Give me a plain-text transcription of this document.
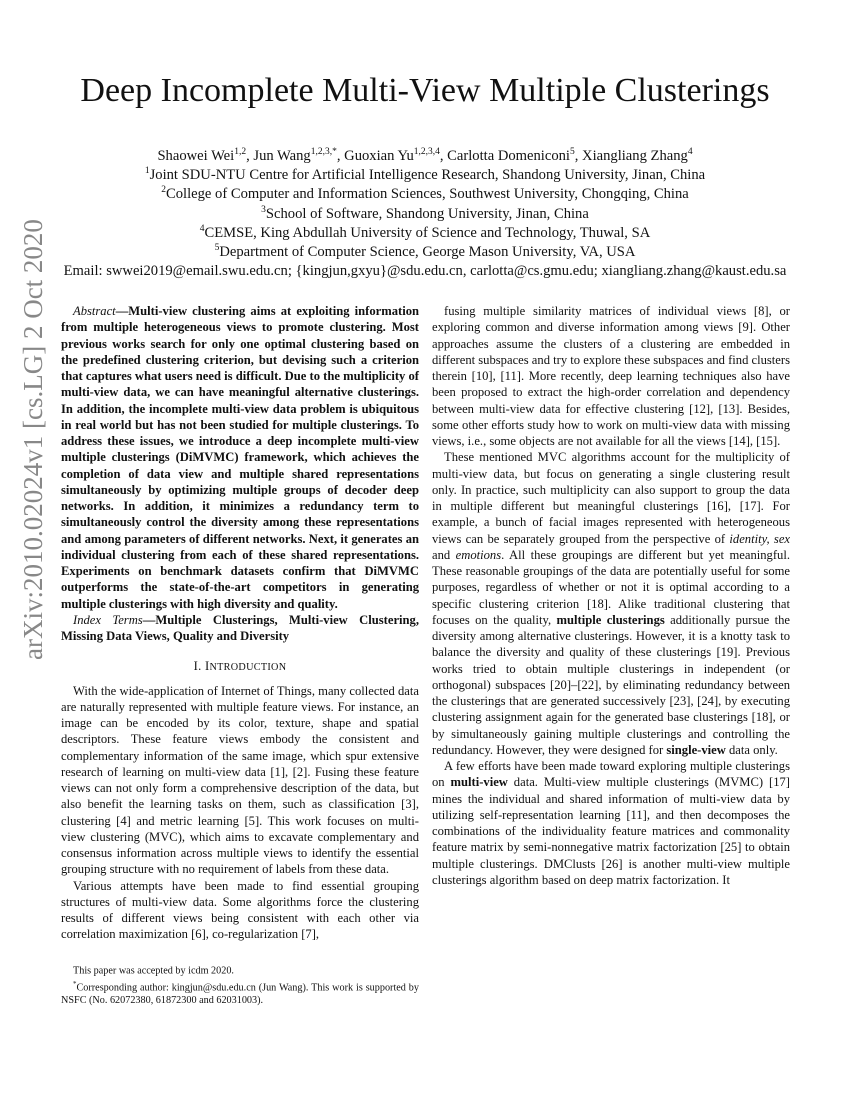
Deep Incomplete Multi-View Multiple Clusterings
Shaowei Wei$^{1,2}$, Jun Wang$^{1,2,3,*}$, Guoxian Yu$^{1,2,3,4}$, Carlotta Domeniconi$^5$, Xiangliang Zhang$^4$
$^1$Joint SDU-NTU Centre for Artificial Intelligence Research, Shandong University, Jinan, China
$^2$College of Computer and Information Sciences, Southwest University, Chongqing, China
$^3$School of Software, Shandong University, Jinan, China
$^4$CEMSE, King Abdullah University of Science and Technology, Thuwal, SA
$^5$Department of Computer Science, George Mason University, VA, USA
Email: swwei2019@email.swu.edu.cn; {kingjun,gxyu}@sdu.edu.cn, carlotta@cs.gmu.edu; xiangliang.zhang@kaust.edu.sa
arXiv:2010.02024v1 [cs.LG] 2 Oct 2020	Abstract—Multi-view clustering aims at exploiting information from multiple heterogeneous views to promote clustering. Most previous works search for only one optimal clustering based on the predefined clustering criterion, but devising such a criterion that captures what users need is difficult. Due to the multiplicity of multi-view data, we can have meaningful alternative clusterings. In addition, the incomplete multi-view data problem is ubiquitous in real world but has not been studied for multiple clusterings. To address these issues, we introduce a deep incomplete multi-view multiple clusterings (DiMVMC) framework, which achieves the completion of data view and multiple shared representations simultaneously by optimizing multiple groups of decoder deep networks. In addition, it minimizes a redundancy term to simultaneously control the diversity among these representations and among parameters of different networks. Next, it generates an individual clustering from each of these shared representations. Experiments on benchmark datasets confirm that DiMVMC outperforms the state-of-the-art competitors in generating multiple clusterings with high diversity and quality.

Index Terms—Multiple Clusterings, Multi-view Clustering, Missing Data Views, Quality and Diversity

I. INTRODUCTION

With the wide-application of Internet of Things, many collected data are naturally represented with multiple feature views. For instance, an image can be encoded by its color, texture, shape and spatial descriptors. These feature views embody the consistent and complementary information of the same image, which spur extensive research of learning on multi-view data [1], [2]. Fusing these feature views can not only form a comprehensive description of the data, but also benefit the learning tasks on them, such as classification [3], clustering [4] and metric learning [5]. This work focuses on multi-view clustering (MVC), which aims to excavate complementary and consensus information across multiple views to identify the essential grouping structure with no requirement of labels from these data.

Various attempts have been made to find essential grouping structures of multi-view data. Some algorithms force the clustering results of different views being consistent with each other via correlation maximization [6], co-regularization [7],

This paper was accepted by icdm 2020.

*Corresponding author: kingjun@sdu.edu.cn (Jun Wang). This work is supported by NSFC (No. 62072380, 61872300 and 62031003).

fusing multiple similarity matrices of individual views [8], or exploring common and diverse information among views [9]. Other approaches assume the clusters of a clustering are embedded in different subspaces and try to explore these subspaces and find clusters therein [10], [11]. More recently, deep learning techniques also have been proposed to extract the high-order correlation and dependency between multi-view data for effective clustering [12], [13]. Besides, some other efforts study how to work on multi-view data with missing views, i.e., some objects are not available for all the views [14], [15].

These mentioned MVC algorithms account for the multiplicity of multi-view data, but focus on generating a single clustering result only. In practice, such multiplicity can also support to group the data in multiple different but meaningful clusterings [16], [17]. For example, a bunch of facial images represented with heterogeneous views can be separately grouped from the perspective of identity, sex and emotions. All these groupings are different but yet meaningful. These reasonable groupings of the data are potentially useful for some purposes, regardless of whether or not it is optimal according to a specific clustering criterion [18]. Alike traditional clustering that focuses on the quality, multiple clusterings additionally pursue the diversity among alternative clusterings. However, it is a knotty task to balance the diversity and quality of these clusterings [19]. Previous works tried to obtain multiple clusterings in independent (or orthogonal) subspaces [20]–[22], by eliminating redundancy between the clusterings that are generated successively [23], [24], by executing clustering assignment again for the generated base clusterings [18], or by simultaneously gaining multiple clusterings and controlling the redundancy. However, they were designed for single-view data only.

A few efforts have been made toward exploring multiple clusterings on multi-view data. Multi-view multiple clusterings (MVMC) [17] mines the individual and shared information of multi-view data by utilizing self-representation learning [11], and then decomposes the combinations of the individuality feature matrices and commonality feature matrix by semi-nonnegative matrix factorization [25] to obtain multiple clusterings. DMClusts [26] is another multi-view multiple clusterings algorithm based on deep matrix factorization. It
